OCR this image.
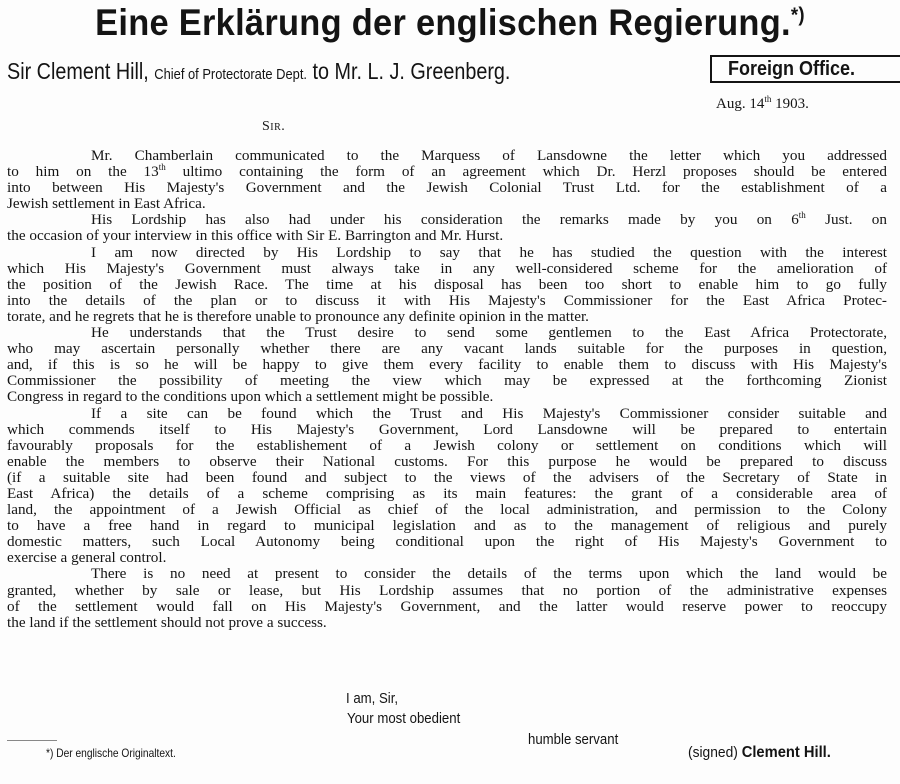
Eine Erklärung der englischen Regierung.*)
Sir Clement Hill, Chief of Protectorate Dept. to Mr. L. J. Greenberg.	Foreign Office.
Aug. 14th 1903.
Sir.
Mr. Chamberlain communicated to the Marquess of Lansdowne the letter which you addressed
to him on the 13th ultimo containing the form of an agreement which Dr. Herzl proposes should be entered
into between His Majesty's Government and the Jewish Colonial Trust Ltd. for the establishment of a
Jewish settlement in East Africa.
His Lordship has also had under his consideration the remarks made by you on 6th Just. on
the occasion of your interview in this office with Sir E. Barrington and Mr. Hurst.
I am now directed by His Lordship to say that he has studied the question with the interest
which His Majesty's Government must always take in any well-considered scheme for the amelioration of
the position of the Jewish Race. The time at his disposal has been too short to enable him to go fully
into the details of the plan or to discuss it with His Majesty's Commissioner for the East Africa Protec-
torate, and he regrets that he is therefore unable to pronounce any definite opinion in the matter.
He understands that the Trust desire to send some gentlemen to the East Africa Protectorate,
who may ascertain personally whether there are any vacant lands suitable for the purposes in question,
and, if this is so he will be happy to give them every facility to enable them to discuss with His Majesty's
Commissioner the possibility of meeting the view which may be expressed at the forthcoming Zionist
Congress in regard to the conditions upon which a settlement might be possible.
If a site can be found which the Trust and His Majesty's Commissioner consider suitable and
which commends itself to His Majesty's Government, Lord Lansdowne will be prepared to entertain
favourably proposals for the establishement of a Jewish colony or settlement on conditions which will
enable the members to observe their National customs. For this purpose he would be prepared to discuss
(if a suitable site had been found and subject to the views of the advisers of the Secretary of State in
East Africa) the details of a scheme comprising as its main features: the grant of a considerable area of
land, the appointment of a Jewish Official as chief of the local administration, and permission to the Colony
to have a free hand in regard to municipal legislation and as to the management of religious and purely
domestic matters, such Local Autonomy being conditional upon the right of His Majesty's Government to
exercise a general control.
There is no need at present to consider the details of the terms upon which the land would be
granted, whether by sale or lease, but His Lordship assumes that no portion of the administrative expenses
of the settlement would fall on His Majesty's Government, and the latter would reserve power to reoccupy
the land if the settlement should not prove a success.
I am, Sir,
Your most obedient
humble servant
*) Der englische Originaltext.	(signed) Clement Hill.
